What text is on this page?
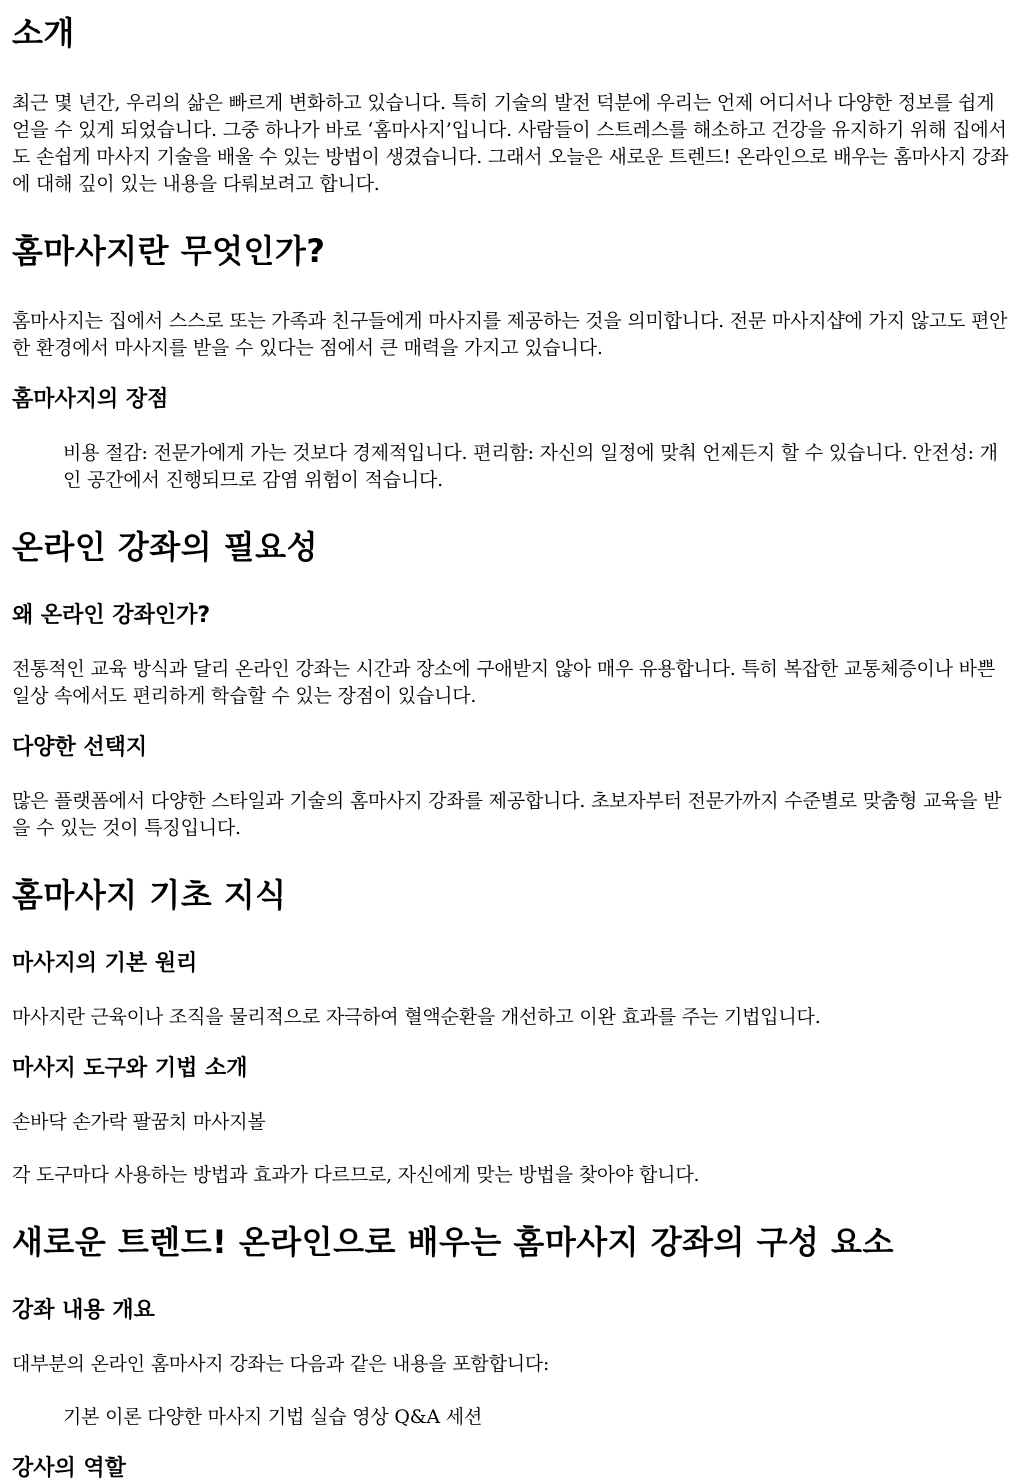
소개

최근 몇 년간, 우리의 삶은 빠르게 변화하고 있습니다. 특히 기술의 발전 덕분에 우리는 언제 어디서나 다양한 정보를 쉽게 얻을 수 있게 되었습니다. 그중 하나가 바로 ‘홈마사지’입니다. 사람들이 스트레스를 해소하고 건강을 유지하기 위해 집에서도 손쉽게 마사지 기술을 배울 수 있는 방법이 생겼습니다. 그래서 오늘은 새로운 트렌드! 온라인으로 배우는 홈마사지 강좌에 대해 깊이 있는 내용을 다뤄보려고 합니다.

홈마사지란 무엇인가?

홈마사지는 집에서 스스로 또는 가족과 친구들에게 마사지를 제공하는 것을 의미합니다. 전문 마사지샵에 가지 않고도 편안한 환경에서 마사지를 받을 수 있다는 점에서 큰 매력을 가지고 있습니다.

홈마사지의 장점

비용 절감: 전문가에게 가는 것보다 경제적입니다. 편리함: 자신의 일정에 맞춰 언제든지 할 수 있습니다. 안전성: 개인 공간에서 진행되므로 감염 위험이 적습니다.

온라인 강좌의 필요성
왜 온라인 강좌인가?

전통적인 교육 방식과 달리 온라인 강좌는 시간과 장소에 구애받지 않아 매우 유용합니다. 특히 복잡한 교통체증이나 바쁜 일상 속에서도 편리하게 학습할 수 있는 장점이 있습니다.

다양한 선택지

많은 플랫폼에서 다양한 스타일과 기술의 홈마사지 강좌를 제공합니다. 초보자부터 전문가까지 수준별로 맞춤형 교육을 받을 수 있는 것이 특징입니다.

홈마사지 기초 지식
마사지의 기본 원리

마사지란 근육이나 조직을 물리적으로 자극하여 혈액순환을 개선하고 이완 효과를 주는 기법입니다.

마사지 도구와 기법 소개

손바닥 손가락 팔꿈치 마사지볼

각 도구마다 사용하는 방법과 효과가 다르므로, 자신에게 맞는 방법을 찾아야 합니다.

새로운 트렌드! 온라인으로 배우는 홈마사지 강좌의 구성 요소
강좌 내용 개요

대부분의 온라인 홈마사지 강좌는 다음과 같은 내용을 포함합니다:

기본 이론 다양한 마사지 기법 실습 영상 Q&A 세션

강사의 역할
